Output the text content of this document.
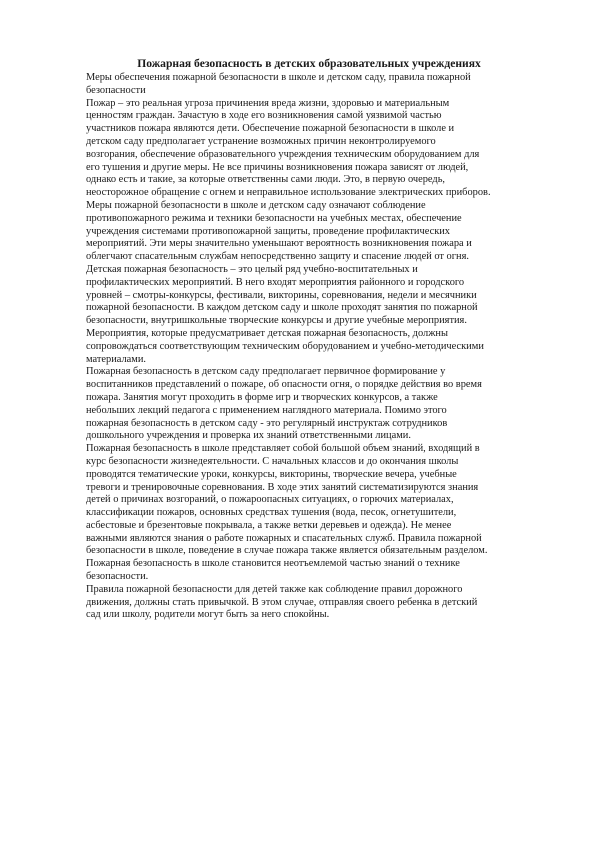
Пожарная безопасность в детских образовательных учреждениях

Меры обеспечения пожарной безопасности в школе и детском саду, правила пожарной
безопасности

Пожар – это реальная угроза причинения вреда жизни, здоровью и материальным
ценностям граждан. Зачастую в ходе его возникновения самой уязвимой частью
участников пожара являются дети. Обеспечение пожарной безопасности в школе и
детском саду предполагает устранение возможных причин неконтролируемого
возгорания, обеспечение образовательного учреждения техническим оборудованием для
его тушения и другие меры. Не все причины возникновения пожара зависят от людей,
однако есть и такие, за которые ответственны сами люди. Это, в первую очередь,
неосторожное обращение с огнем и неправильное использование электрических приборов.

Меры пожарной безопасности в школе и детском саду означают соблюдение
противопожарного режима и техники безопасности на учебных местах, обеспечение
учреждения системами противопожарной защиты, проведение профилактических
мероприятий. Эти меры значительно уменьшают вероятность возникновения пожара и
облегчают спасательным службам непосредственно защиту и спасение людей от огня.

Детская пожарная безопасность – это целый ряд учебно-воспитательных и
профилактических мероприятий. В него входят мероприятия районного и городского
уровней – смотры-конкурсы, фестивали, викторины, соревнования, недели и месячники
пожарной безопасности. В каждом детском саду и школе проходят занятия по пожарной
безопасности, внутришкольные творческие конкурсы и другие учебные мероприятия.

Мероприятия, которые предусматривает детская пожарная безопасность, должны
сопровождаться соответствующим техническим оборудованием и учебно-методическими
материалами.

Пожарная безопасность в детском саду предполагает первичное формирование у
воспитанников представлений о пожаре, об опасности огня, о порядке действия во время
пожара. Занятия могут проходить в форме игр и творческих конкурсов, а также
небольших лекций педагога с применением наглядного материала. Помимо этого
пожарная безопасность в детском саду - это регулярный инструктаж сотрудников
дошкольного учреждения и проверка их знаний ответственными лицами.

Пожарная безопасность в школе представляет собой большой объем знаний, входящий в
курс безопасности жизнедеятельности. С начальных классов и до окончания школы
проводятся тематические уроки, конкурсы, викторины, творческие вечера, учебные
тревоги и тренировочные соревнования. В ходе этих занятий систематизируются знания
детей о причинах возгораний, о пожароопасных ситуациях, о горючих материалах,
классификации пожаров, основных средствах тушения (вода, песок, огнетушители,
асбестовые и брезентовые покрывала, а также ветки деревьев и одежда). Не менее
важными являются знания о работе пожарных и спасательных служб. Правила пожарной
безопасности в школе, поведение в случае пожара также является обязательным разделом.

Пожарная безопасность в школе становится неотъемлемой частью знаний о технике
безопасности.

Правила пожарной безопасности для детей также как соблюдение правил дорожного
движения, должны стать привычкой. В этом случае, отправляя своего ребенка в детский
сад или школу, родители могут быть за него спокойны.
